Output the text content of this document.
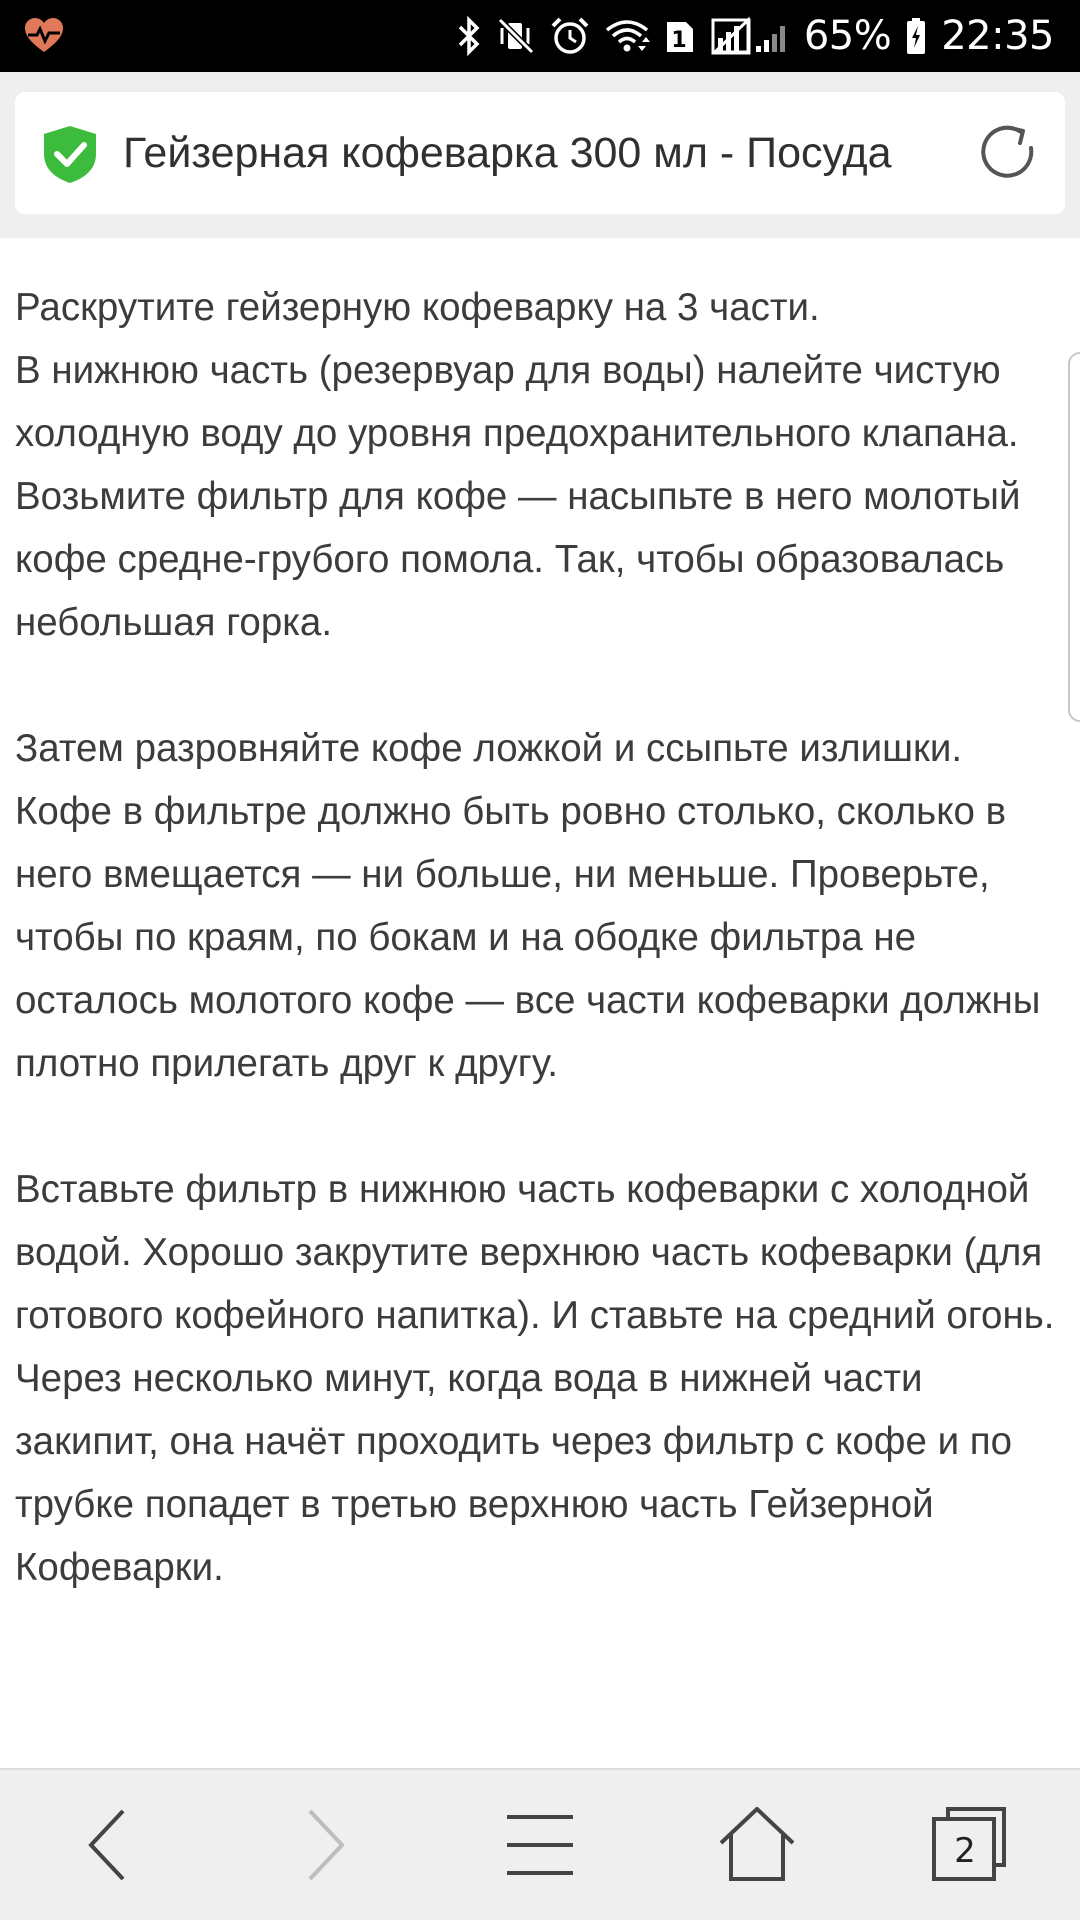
1	65% 22:35
Гейзерная кофеварка 300 мл - Посуда

Раскрутите гейзерную кофеварку на 3 части.
В нижнюю часть (резервуар для воды) налейте чистую холодную воду до уровня предохранительного клапана. Возьмите фильтр для кофе — насыпьте в него молотый кофе средне-грубого помола. Так, чтобы образовалась небольшая горка.

Затем разровняйте кофе ложкой и ссыпьте излишки. Кофе в фильтре должно быть ровно столько, сколько в него вмещается — ни больше, ни меньше. Проверьте, чтобы по краям, по бокам и на ободке фильтра не осталось молотого кофе — все части кофеварки должны плотно прилегать друг к другу.

Вставьте фильтр в нижнюю часть кофеварки с холодной водой. Хорошо закрутите верхнюю часть кофеварки (для готового кофейного напитка). И ставьте на средний огонь. Через несколько минут, когда вода в нижней части закипит, она начёт проходить через фильтр с кофе и по трубке попадет в третью верхнюю часть Гейзерной Кофеварки.

2
